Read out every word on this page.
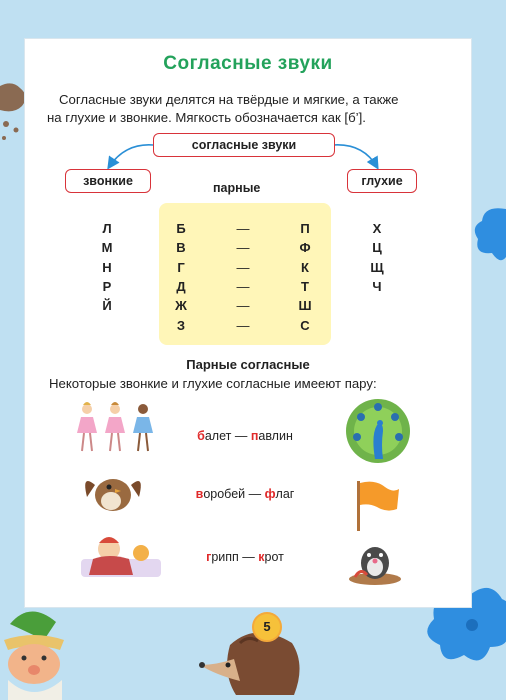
Согласные звуки
Согласные звуки делятся на твёрдые и мягкие, а также
на глухие и звонкие. Мягкость обозначается как [б’].
согласные звуки
звонкие	глухие
парные
Л
М
Н
Р
Й
Б
В
Г
Д
Ж
З
—
—
—
—
—
—
П
Ф
К
Т
Ш
С
Х
Ц
Щ
Ч
Парные согласные
Некоторые звонкие и глухие согласные имееют пару:
балет — павлин
воробей — флаг
грипп — крот
5
